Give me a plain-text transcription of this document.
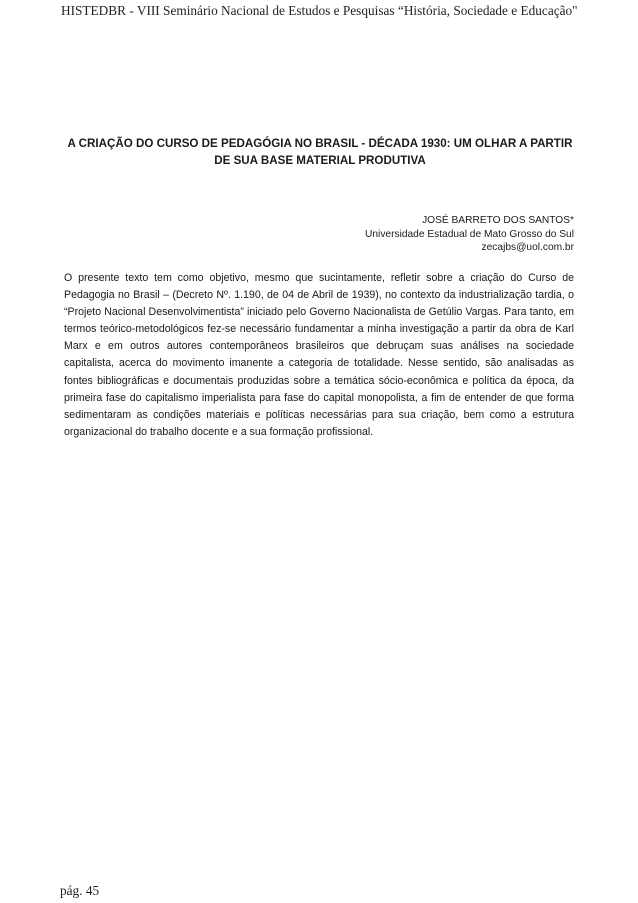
HISTEDBR - VIII Seminário Nacional de Estudos e Pesquisas “História, Sociedade e Educação"
A CRIAÇÃO DO CURSO DE PEDAGÓGIA NO BRASIL - DÉCADA 1930: UM OLHAR A PARTIR DE SUA BASE MATERIAL PRODUTIVA
JOSÉ BARRETO DOS SANTOS*
Universidade Estadual de Mato Grosso do Sul
zecajbs@uol.com.br

O presente texto tem como objetivo, mesmo que sucintamente, refletir sobre a criação do Curso de Pedagogia no Brasil – (Decreto Nº. 1.190, de 04 de Abril de 1939), no contexto da industrialização tardia, o “Projeto Nacional Desenvolvimentista” iniciado pelo Governo Nacionalista de Getúlio Vargas. Para tanto, em termos teórico-metodológicos fez-se necessário fundamentar a minha investigação a partir da obra de Karl Marx e em outros autores contemporâneos brasileiros que debruçam suas análises na sociedade capitalista, acerca do movimento imanente a categoria de totalidade. Nesse sentido, são analisadas as fontes bibliográficas e documentais produzidas sobre a temática sócio-econômica e política da época, da primeira fase do capitalismo imperialista para fase do capital monopolista, a fim de entender de que forma sedimentaram as condições materiais e políticas necessárias para sua criação, bem como a estrutura organizacional do trabalho docente e a sua formação profissional.

pág. 45
